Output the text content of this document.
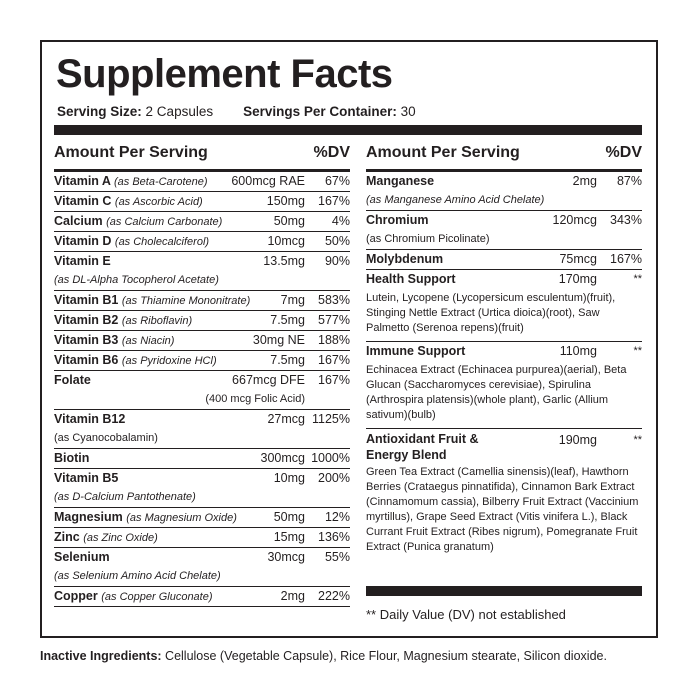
Supplement Facts
Serving Size: 2 Capsules Servings Per Container: 30
Amount Per Serving	%DV
Vitamin A (as Beta-Carotene) 600mcg RAE 67%
Vitamin C (as Ascorbic Acid)	150mg 167%
Calcium (as Calcium Carbonate)	50mg 4%
Vitamin D (as Cholecalciferol)	10mcg 50%
Vitamin E	13.5mg 90%
(as DL-Alpha Tocopherol Acetate)
Vitamin B1 (as Thiamine Mononitrate) 7mg 583%
Vitamin B2 (as Riboflavin)	7.5mg 577%
Vitamin B3 (as Niacin)	30mg NE 188%
Vitamin B6 (as Pyridoxine HCl)	7.5mg 167%
Folate	667mcg DFE 167%
(400 mcg Folic Acid)
Vitamin B12	27mcg 1125%
(as Cyanocobalamin)
Biotin	300mcg 1000%
Vitamin B5	10mg 200%
(as D-Calcium Pantothenate)
Magnesium (as Magnesium Oxide)	50mg 12%
Zinc (as Zinc Oxide)	15mg 136%
Selenium	30mcg 55%
(as Selenium Amino Acid Chelate)
Copper (as Copper Gluconate)	2mg 222%
Amount Per Serving	%DV
Manganese	2mg 87%
(as Manganese Amino Acid Chelate)
Chromium	120mcg 343%
(as Chromium Picolinate)
Molybdenum	75mcg 167%
Health Support	170mg	**
Lutein, Lycopene (Lycopersicum esculentum)(fruit), Stinging Nettle Extract (Urtica dioica)(root), Saw Palmetto (Serenoa repens)(fruit)
Immune Support	110mg	**
Echinacea Extract (Echinacea purpurea)(aerial), Beta Glucan (Saccharomyces cerevisiae), Spirulina (Arthrospira platensis)(whole plant), Garlic (Allium sativum)(bulb)
Antioxidant Fruit & Energy Blend
190mg	**
Green Tea Extract (Camellia sinensis)(leaf), Hawthorn Berries (Crataegus pinnatifida), Cinnamon Bark Extract (Cinnamomum cassia), Bilberry Fruit Extract (Vaccinium myrtillus), Grape Seed Extract (Vitis vinifera L.), Black Currant Fruit Extract (Ribes nigrum), Pomegranate Fruit Extract (Punica granatum)
** Daily Value (DV) not established
Inactive Ingredients: Cellulose (Vegetable Capsule), Rice Flour, Magnesium stearate, Silicon dioxide.
